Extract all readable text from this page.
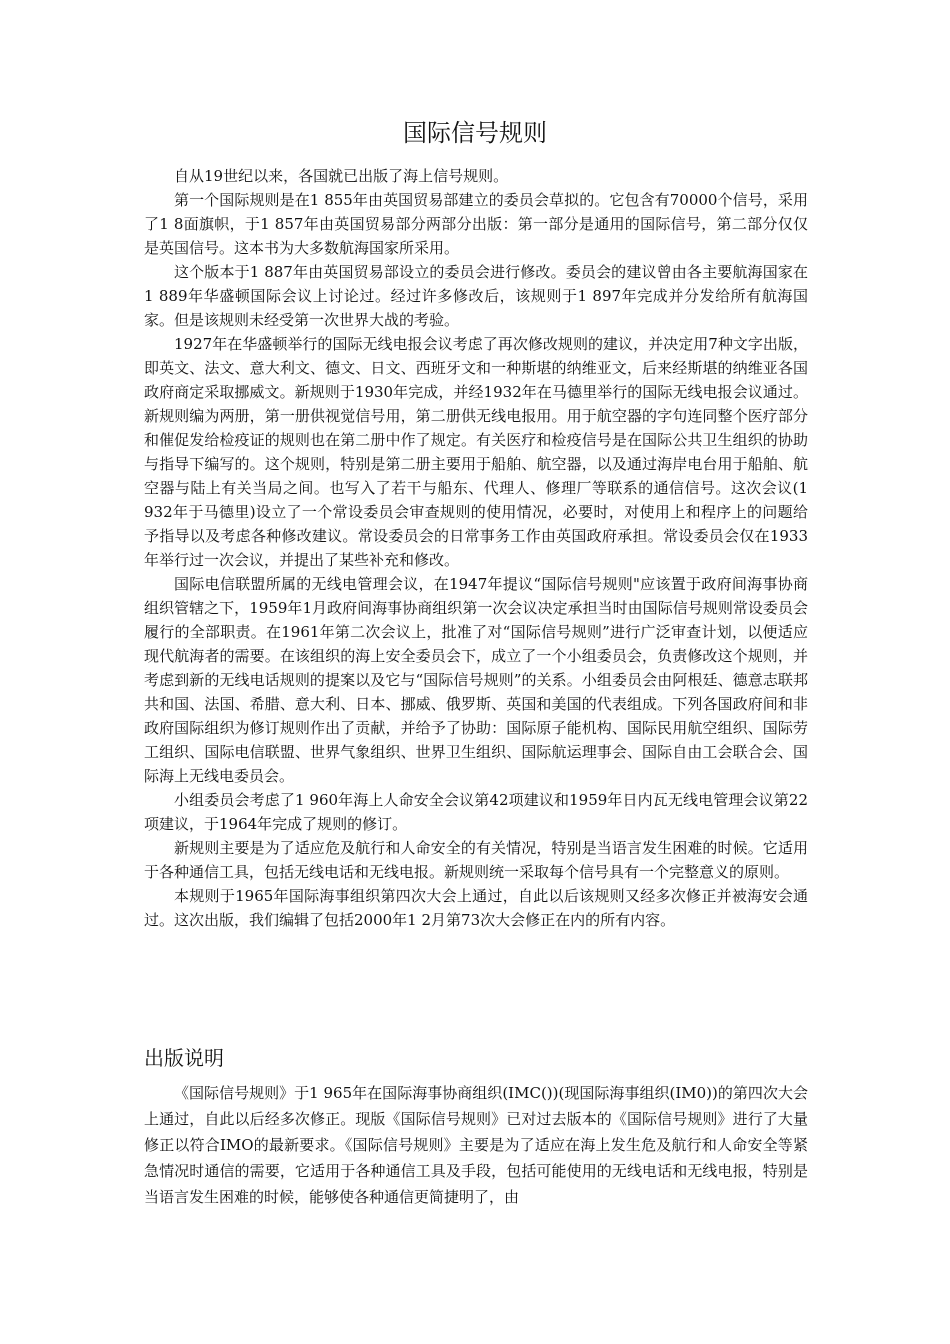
国际信号规则

自从19世纪以来，各国就已出版了海上信号规则。

第一个国际规则是在1 855年由英国贸易部建立的委员会草拟的。它包含有70000个信号，采用了1 8面旗帜，于1 857年由英国贸易部分两部分出版：第一部分是通用的国际信号，第二部分仅仅是英国信号。这本书为大多数航海国家所采用。

这个版本于1 887年由英国贸易部设立的委员会进行修改。委员会的建议曾由各主要航海国家在1 889年华盛顿国际会议上讨论过。经过许多修改后，该规则于1 897年完成并分发给所有航海国家。但是该规则未经受第一次世界大战的考验。

1927年在华盛顿举行的国际无线电报会议考虑了再次修改规则的建议，并决定用7种文字出版，即英文、法文、意大利文、德文、日文、西班牙文和一种斯堪的纳维亚文，后来经斯堪的纳维亚各国政府商定采取挪威文。新规则于1930年完成，并经1932年在马德里举行的国际无线电报会议通过。新规则编为两册，第一册供视觉信号用，第二册供无线电报用。用于航空器的字句连同整个医疗部分和催促发给检疫证的规则也在第二册中作了规定。有关医疗和检疫信号是在国际公共卫生组织的协助与指导下编写的。这个规则，特别是第二册主要用于船舶、航空器，以及通过海岸电台用于船舶、航空器与陆上有关当局之间。也写入了若干与船东、代理人、修理厂等联系的通信信号。这次会议(1 932年于马德里)设立了一个常设委员会审查规则的使用情况，必要时，对使用上和程序上的问题给予指导以及考虑各种修改建议。常设委员会的日常事务工作由英国政府承担。常设委员会仅在1933年举行过一次会议，并提出了某些补充和修改。

国际电信联盟所属的无线电管理会议，在1947年提议“国际信号规则"应该置于政府间海事协商组织管辖之下，1959年1月政府间海事协商组织第一次会议决定承担当时由国际信号规则常设委员会履行的全部职责。在1961年第二次会议上，批准了对“国际信号规则”进行广泛审查计划，以便适应现代航海者的需要。在该组织的海上安全委员会下，成立了一个小组委员会，负责修改这个规则，并考虑到新的无线电话规则的提案以及它与“国际信号规则”的关系。小组委员会由阿根廷、德意志联邦共和国、法国、希腊、意大利、日本、挪威、俄罗斯、英国和美国的代表组成。下列各国政府间和非政府国际组织为修订规则作出了贡献，并给予了协助：国际原子能机构、国际民用航空组织、国际劳工组织、国际电信联盟、世界气象组织、世界卫生组织、国际航运理事会、国际自由工会联合会、国际海上无线电委员会。

小组委员会考虑了1 960年海上人命安全会议第42项建议和1959年日内瓦无线电管理会议第22项建议，于1964年完成了规则的修订。

新规则主要是为了适应危及航行和人命安全的有关情况，特别是当语言发生困难的时候。它适用于各种通信工具，包括无线电话和无线电报。新规则统一采取每个信号具有一个完整意义的原则。

本规则于1965年国际海事组织第四次大会上通过，自此以后该规则又经多次修正并被海安会通过。这次出版，我们编辑了包括2000年1 2月第73次大会修正在内的所有内容。

出版说明

《国际信号规则》于1 965年在国际海事协商组织(IMC())(现国际海事组织(IM0))的第四次大会上通过，自此以后经多次修正。现版《国际信号规则》已对过去版本的《国际信号规则》进行了大量修正以符合IMO的最新要求。《国际信号规则》主要是为了适应在海上发生危及航行和人命安全等紧急情况时通信的需要，它适用于各种通信工具及手段，包括可能使用的无线电话和无线电报，特别是当语言发生困难的时候，能够使各种通信更简捷明了，由
